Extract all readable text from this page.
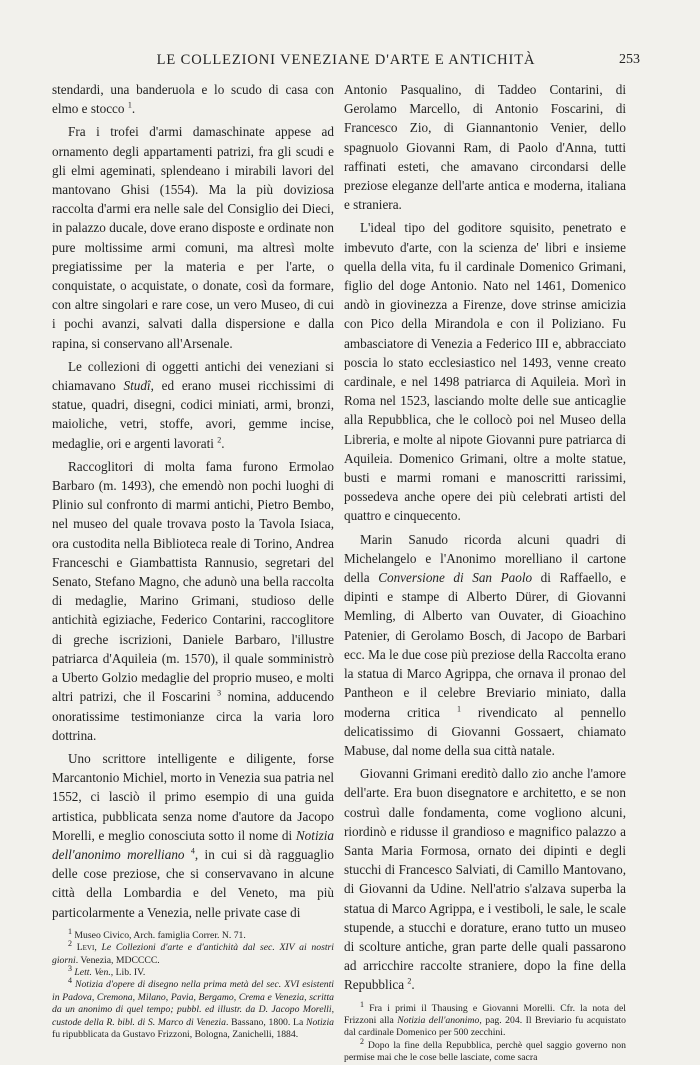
LE COLLEZIONI VENEZIANE D'ARTE E ANTICHITÀ	253

stendardi, una banderuola e lo scudo di casa con elmo e stocco $^1$.

Fra i trofei d'armi damaschinate appese ad ornamento degli appartamenti patrizi, fra gli scudi e gli elmi ageminati, splendeano i mirabili lavori del mantovano Ghisi (1554). Ma la più doviziosa raccolta d'armi era nelle sale del Consiglio dei Dieci, in palazzo ducale, dove erano disposte e ordinate non pure moltissime armi comuni, ma altresì molte pregiatissime per la materia e per l'arte, o conquistate, o acquistate, o donate, così da formare, con altre singolari e rare cose, un vero Museo, di cui i pochi avanzi, salvati dalla dispersione e dalla rapina, si conservano all'Arsenale.

Le collezioni di oggetti antichi dei veneziani si chiamavano Studî, ed erano musei ricchissimi di statue, quadri, disegni, codici miniati, armi, bronzi, maioliche, vetri, stoffe, avori, gemme incise, medaglie, ori e argenti lavorati $^2$.

Raccoglitori di molta fama furono Ermolao Barbaro (m. 1493), che emendò non pochi luoghi di Plinio sul confronto di marmi antichi, Pietro Bembo, nel museo del quale trovava posto la Tavola Isiaca, ora custodita nella Biblioteca reale di Torino, Andrea Franceschi e Giambattista Rannusio, segretari del Senato, Stefano Magno, che adunò una bella raccolta di medaglie, Marino Grimani, studioso delle antichità egiziache, Federico Contarini, raccoglitore di greche iscrizioni, Daniele Barbaro, l'illustre patriarca d'Aquileia (m. 1570), il quale somministrò a Uberto Golzio medaglie del proprio museo, e molti altri patrizi, che il Foscarini $^3$ nomina, adducendo onoratissime testimonianze circa la varia loro dottrina.

Uno scrittore intelligente e diligente, forse Marcantonio Michiel, morto in Venezia sua patria nel 1552, ci lasciò il primo esempio di una guida artistica, pubblicata senza nome d'autore da Jacopo Morelli, e meglio conosciuta sotto il nome di Notizia dell'anonimo morelliano $^4$, in cui si dà ragguaglio delle cose preziose, che si conservavano in alcune città della Lombardia e del Veneto, ma più particolarmente a Venezia, nelle private case di

$^1$ Museo Civico, Arch. famiglia Correr. N. 71.

$^2$ Levi, Le Collezioni d'arte e d'antichità dal sec. XIV ai nostri giorni. Venezia, MDCCCC.

$^3$ Lett. Ven., Lib. IV.

$^4$ Notizia d'opere di disegno nella prima metà del sec. XVI esistenti in Padova, Cremona, Milano, Pavia, Bergamo, Crema e Venezia, scritta da un anonimo di quel tempo; pubbl. ed illustr. da D. Jacopo Morelli, custode della R. bibl. di S. Marco di Venezia. Bassano, 1800. La Notizia fu ripubblicata da Gustavo Frizzoni, Bologna, Zanichelli, 1884.

Antonio Pasqualino, di Taddeo Contarini, di Gerolamo Marcello, di Antonio Foscarini, di Francesco Zio, di Giannantonio Venier, dello spagnuolo Giovanni Ram, di Paolo d'Anna, tutti raffinati esteti, che amavano circondarsi delle preziose eleganze dell'arte antica e moderna, italiana e straniera.

L'ideal tipo del goditore squisito, penetrato e imbevuto d'arte, con la scienza de' libri e insieme quella della vita, fu il cardinale Domenico Grimani, figlio del doge Antonio. Nato nel 1461, Domenico andò in giovinezza a Firenze, dove strinse amicizia con Pico della Mirandola e con il Poliziano. Fu ambasciatore di Venezia a Federico III e, abbracciato poscia lo stato ecclesiastico nel 1493, venne creato cardinale, e nel 1498 patriarca di Aquileia. Morì in Roma nel 1523, lasciando molte delle sue anticaglie alla Repubblica, che le collocò poi nel Museo della Libreria, e molte al nipote Giovanni pure patriarca di Aquileia. Domenico Grimani, oltre a molte statue, busti e marmi romani e manoscritti rarissimi, possedeva anche opere dei più celebrati artisti del quattro e cinquecento.

Marin Sanudo ricorda alcuni quadri di Michelangelo e l'Anonimo morelliano il cartone della Conversione di San Paolo di Raffaello, e dipinti e stampe di Alberto Dürer, di Giovanni Memling, di Alberto van Ouvater, di Gioachino Patenier, di Gerolamo Bosch, di Jacopo de Barbari ecc. Ma le due cose più preziose della Raccolta erano la statua di Marco Agrippa, che ornava il pronao del Pantheon e il celebre Breviario miniato, dalla moderna critica $^1$ rivendicato al pennello delicatissimo di Giovanni Gossaert, chiamato Mabuse, dal nome della sua città natale.

Giovanni Grimani ereditò dallo zio anche l'amore dell'arte. Era buon disegnatore e architetto, e se non costruì dalle fondamenta, come vogliono alcuni, riordinò e ridusse il grandioso e magnifico palazzo a Santa Maria Formosa, ornato dei dipinti e degli stucchi di Francesco Salviati, di Camillo Mantovano, di Giovanni da Udine. Nell'atrio s'alzava superba la statua di Marco Agrippa, e i vestiboli, le sale, le scale stupende, a stucchi e dorature, erano tutto un museo di scolture antiche, gran parte delle quali passarono ad arricchire raccolte straniere, dopo la fine della Repubblica $^2$.

$^1$ Fra i primi il Thausing e Giovanni Morelli. Cfr. la nota del Frizzoni alla Notizia dell'anonimo, pag. 204. Il Breviario fu acquistato dal cardinale Domenico per 500 zecchini.

$^2$ Dopo la fine della Repubblica, perchè quel saggio governo non permise mai che le cose belle lasciate, come sacra
